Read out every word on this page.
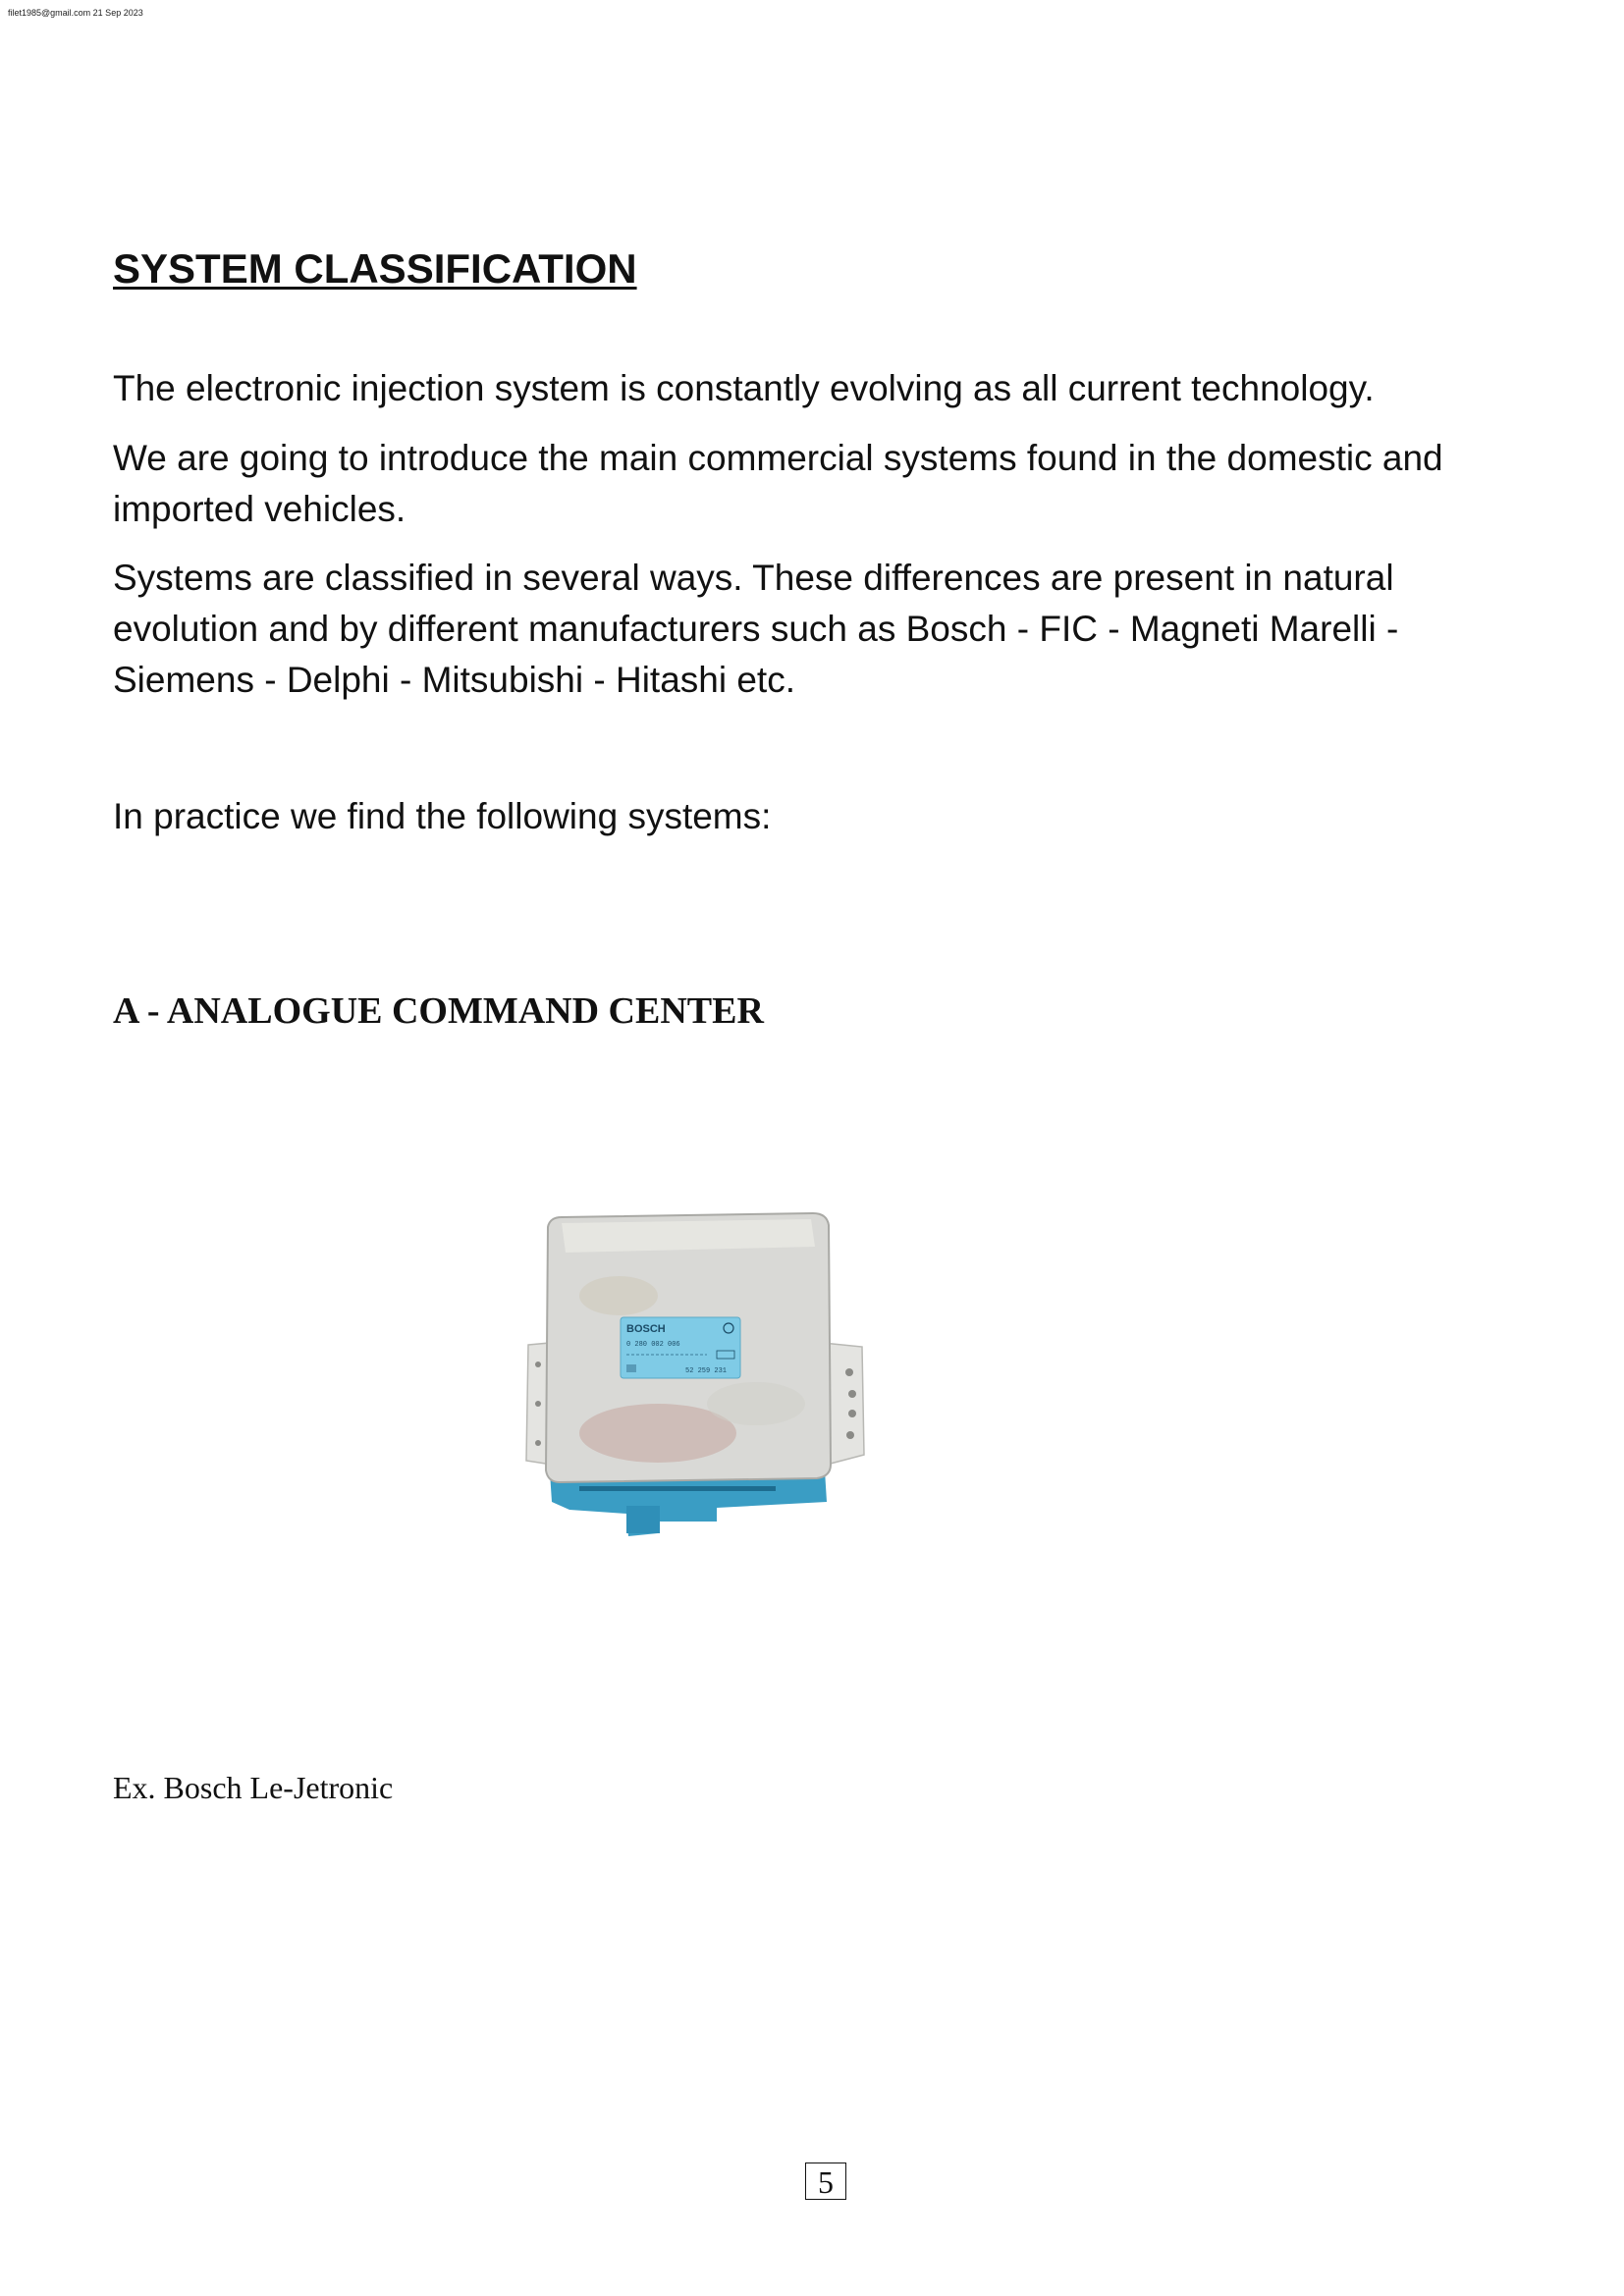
filet1985@gmail.com 21 Sep 2023
SYSTEM CLASSIFICATION

The electronic injection system is constantly evolving as all current technology.

We are going to introduce the main commercial systems found in the domestic and imported vehicles.

Systems are classified in several ways. These differences are present in natural evolution and by different manufacturers such as Bosch - FIC - Magneti Marelli - Siemens - Delphi - Mitsubishi - Hitashi etc.

In practice we find the following systems:

A - ANALOGUE COMMAND CENTER
BOSCH
0 280 002 006
52 259 231

Ex. Bosch Le-Jetronic

5
